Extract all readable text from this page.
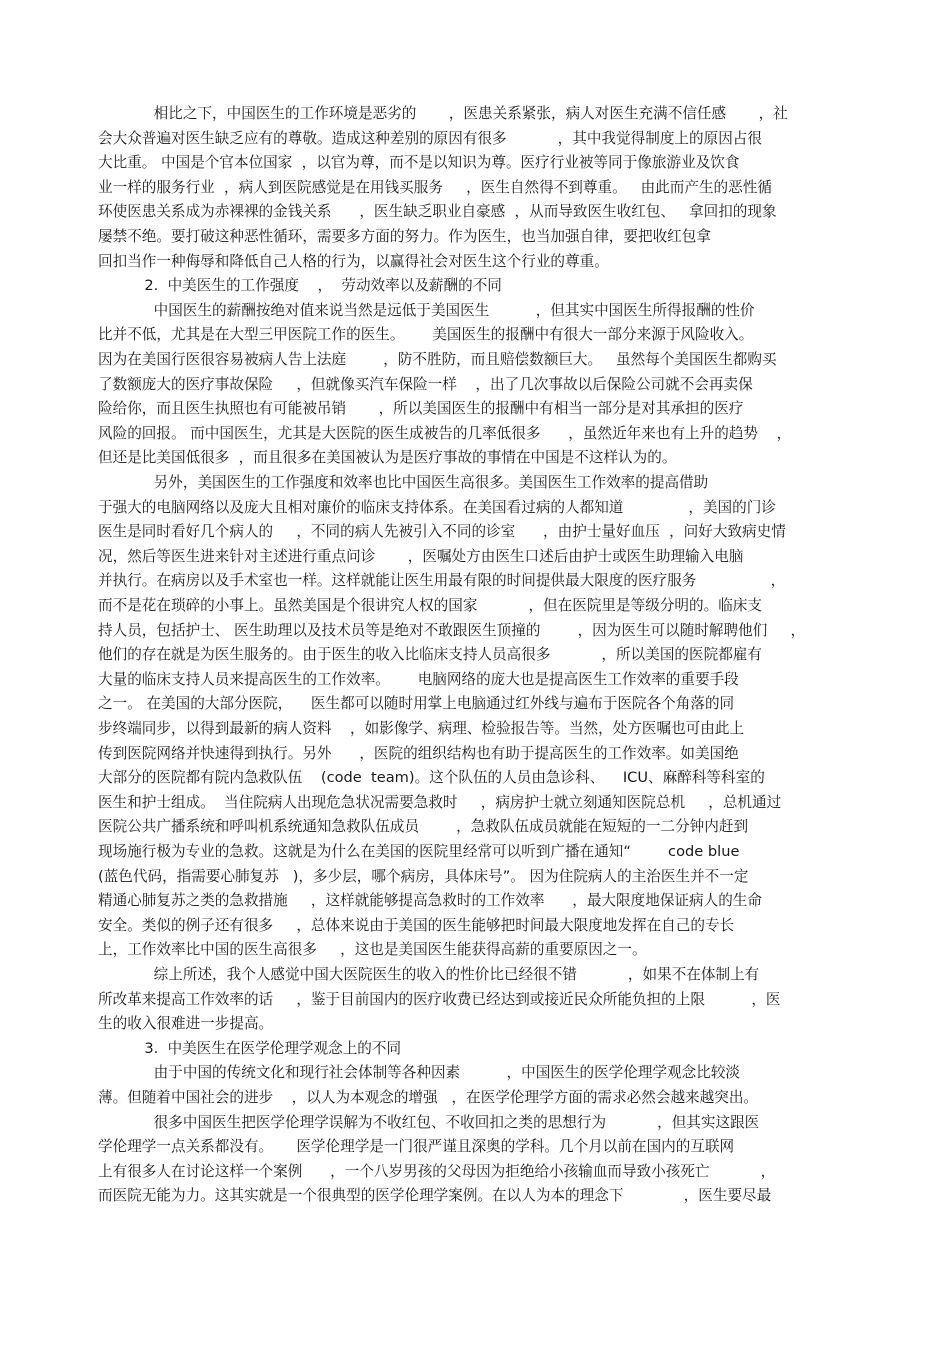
相比之下，中国医生的工作环境是恶劣的       ，医患关系紧张，病人对医生充满不信任感       ，社
会大众普遍对医生缺乏应有的尊敬。造成这种差别的原因有很多           ，其中我觉得制度上的原因占很
大比重。 中国是个官本位国家  ，以官为尊，而不是以知识为尊。医疗行业被等同于像旅游业及饮食
业一样的服务行业  ，病人到医院感觉是在用钱买服务     ，医生自然得不到尊重。   由此而产生的恶性循
环使医患关系成为赤裸裸的金钱关系      ，医生缺乏职业自豪感  ，从而导致医生收红包、   拿回扣的现象
屡禁不绝。要打破这种恶性循环，需要多方面的努力。作为医生，也当加强自律，要把收红包拿
回扣当作一种侮辱和降低自己人格的行为，以赢得社会对医生这个行业的尊重。
2.  中美医生的工作强度    ，  劳动效率以及薪酬的不同
中国医生的薪酬按绝对值来说当然是远低于美国医生          ，但其实中国医生所得报酬的性价
比并不低，尤其是在大型三甲医院工作的医生。      美国医生的报酬中有很大一部分来源于风险收入。
因为在美国行医很容易被病人告上法庭        ，防不胜防，而且赔偿数额巨大。   虽然每个美国医生都购买
了数额庞大的医疗事故保险     ，但就像买汽车保险一样    ，出了几次事故以后保险公司就不会再卖保
险给你，而且医生执照也有可能被吊销       ，所以美国医生的报酬中有相当一部分是对其承担的医疗
风险的回报。 而中国医生，尤其是大医院的医生成被告的几率低很多      ，虽然近年来也有上升的趋势    ，
但还是比美国低很多  ，而且很多在美国被认为是医疗事故的事情在中国是不这样认为的。
另外，美国医生的工作强度和效率也比中国医生高很多。美国医生工作效率的提高借助
于强大的电脑网络以及庞大且相对廉价的临床支持体系。在美国看过病的人都知道              ，美国的门诊
医生是同时看好几个病人的     ，不同的病人先被引入不同的诊室      ，由护士量好血压  ，问好大致病史情
况，然后等医生进来针对主述进行重点问诊       ，医嘱处方由医生口述后由护士或医生助理输入电脑
并执行。在病房以及手术室也一样。这样就能让医生用最有限的时间提供最大限度的医疗服务                ，
而不是花在琐碎的小事上。虽然美国是个很讲究人权的国家           ，但在医院里是等级分明的。临床支
持人员，包括护士、 医生助理以及技术员等是绝对不敢跟医生顶撞的        ，因为医生可以随时解聘他们     ，
他们的存在就是为医生服务的。由于医生的收入比临床支持人员高很多           ，所以美国的医院都雇有
大量的临床支持人员来提高医生的工作效率。      电脑网络的庞大也是提高医生工作效率的重要手段
之一。 在美国的大部分医院，    医生都可以随时用掌上电脑通过红外线与遍布于医院各个角落的同
步终端同步，以得到最新的病人资料    ，如影像学、病理、检验报告等。当然，处方医嘱也可由此上
传到医院网络并快速得到执行。另外      ，医院的组织结构也有助于提高医生的工作效率。如美国绝
大部分的医院都有院内急救队伍    (code  team)。这个队伍的人员由急诊科、    ICU、麻醉科等科室的
医生和护士组成。  当住院病人出现危急状况需要急救时     ，病房护士就立刻通知医院总机     ，总机通过
医院公共广播系统和呼叫机系统通知急救队伍成员        ，急救队伍成员就能在短短的一二分钟内赶到
现场施行极为专业的急救。这就是为什么在美国的医院里经常可以听到广播在通知“        code blue
(蓝色代码，指需要心肺复苏   )，多少层，哪个病房，具体床号”。 因为住院病人的主治医生并不一定
精通心肺复苏之类的急救措施     ，这样就能够提高急救时的工作效率      ，最大限度地保证病人的生命
安全。类似的例子还有很多     ，总体来说由于美国的医生能够把时间最大限度地发挥在自己的专长
上，工作效率比中国的医生高很多     ，这也是美国医生能获得高薪的重要原因之一。
综上所述，我个人感觉中国大医院医生的收入的性价比已经很不错           ，如果不在体制上有
所改革来提高工作效率的话     ，鉴于目前国内的医疗收费已经达到或接近民众所能负担的上限          ，医
生的收入很难进一步提高。
3.  中美医生在医学伦理学观念上的不同
由于中国的传统文化和现行社会体制等各种因素          ，中国医生的医学伦理学观念比较淡
薄。但随着中国社会的进步    ，以人为本观念的增强   ，在医学伦理学方面的需求必然会越来越突出。
很多中国医生把医学伦理学误解为不收红包、不收回扣之类的思想行为           ，但其实这跟医
学伦理学一点关系都没有。     医学伦理学是一门很严谨且深奥的学科。几个月以前在国内的互联网
上有很多人在讨论这样一个案例      ，一个八岁男孩的父母因为拒绝给小孩输血而导致小孩死亡           ，
而医院无能为力。这其实就是一个很典型的医学伦理学案例。在以人为本的理念下             ，医生要尽最
